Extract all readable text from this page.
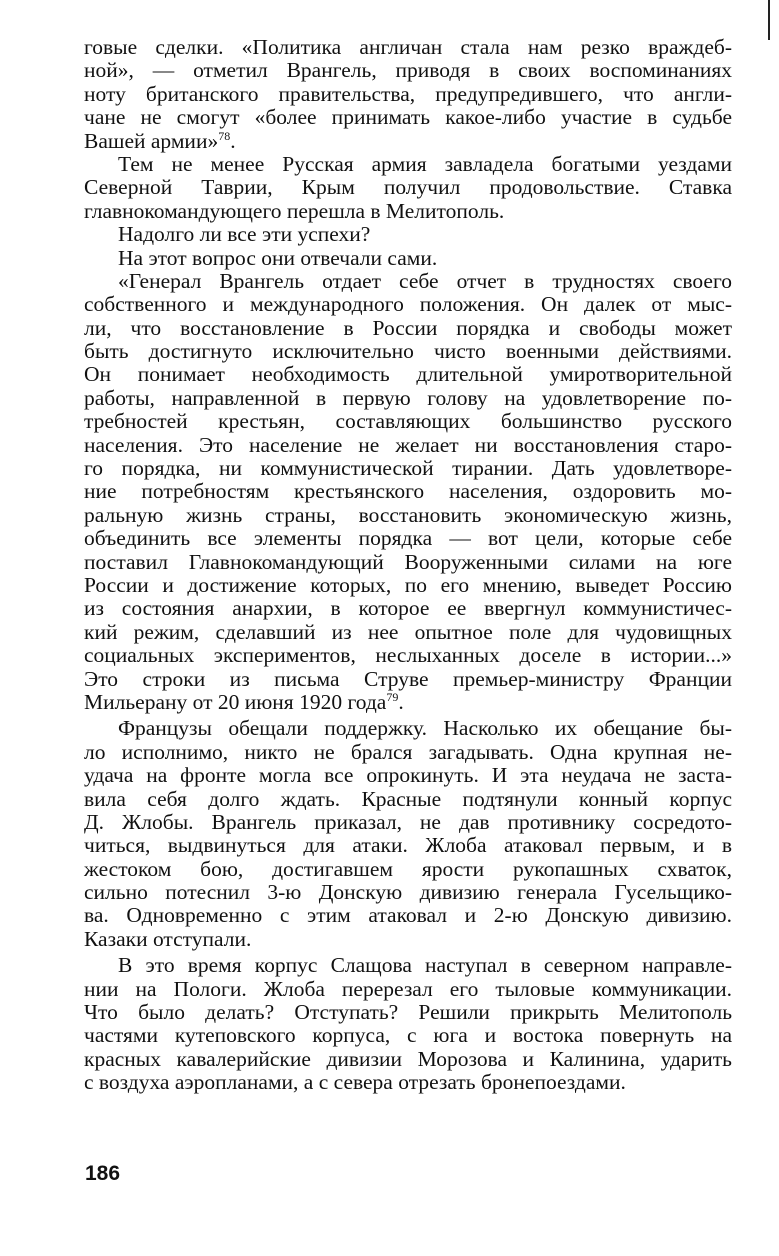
говые сделки. «Политика англичан стала нам резко враждеб-
ной», — отметил Врангель, приводя в своих воспоминаниях
ноту британского правительства, предупредившего, что англи-
чане не смогут «более принимать какое-либо участие в судьбе
Вашей армии»$^{78}$.
Тем не менее Русская армия завладела богатыми уездами
Северной Таврии, Крым получил продовольствие. Ставка
главнокомандующего перешла в Мелитополь.
Надолго ли все эти успехи?
На этот вопрос они отвечали сами.
«Генерал Врангель отдает себе отчет в трудностях своего
собственного и международного положения. Он далек от мыс-
ли, что восстановление в России порядка и свободы может
быть достигнуто исключительно чисто военными действиями.
Он понимает необходимость длительной умиротворительной
работы, направленной в первую голову на удовлетворение по-
требностей крестьян, составляющих большинство русского
населения. Это население не желает ни восстановления старо-
го порядка, ни коммунистической тирании. Дать удовлетворе-
ние потребностям крестьянского населения, оздоровить мо-
ральную жизнь страны, восстановить экономическую жизнь,
объединить все элементы порядка — вот цели, которые себе
поставил Главнокомандующий Вооруженными силами на юге
России и достижение которых, по его мнению, выведет Россию
из состояния анархии, в которое ее ввергнул коммунистичес-
кий режим, сделавший из нее опытное поле для чудовищных
социальных экспериментов, неслыханных доселе в истории...»
Это строки из письма Струве премьер-министру Франции
Мильерану от 20 июня 1920 года$^{79}$.
Французы обещали поддержку. Насколько их обещание бы-
ло исполнимо, никто не брался загадывать. Одна крупная не-
удача на фронте могла все опрокинуть. И эта неудача не заста-
вила себя долго ждать. Красные подтянули конный корпус
Д. Жлобы. Врангель приказал, не дав противнику сосредото-
читься, выдвинуться для атаки. Жлоба атаковал первым, и в
жестоком бою, достигавшем ярости рукопашных схваток,
сильно потеснил 3-ю Донскую дивизию генерала Гусельщико-
ва. Одновременно с этим атаковал и 2-ю Донскую дивизию.
Казаки отступали.
В это время корпус Слащова наступал в северном направле-
нии на Пологи. Жлоба перерезал его тыловые коммуникации.
Что было делать? Отступать? Решили прикрыть Мелитополь
частями кутеповского корпуса, с юга и востока повернуть на
красных кавалерийские дивизии Морозова и Калинина, ударить
с воздуха аэропланами, а с севера отрезать бронепоездами.
186
